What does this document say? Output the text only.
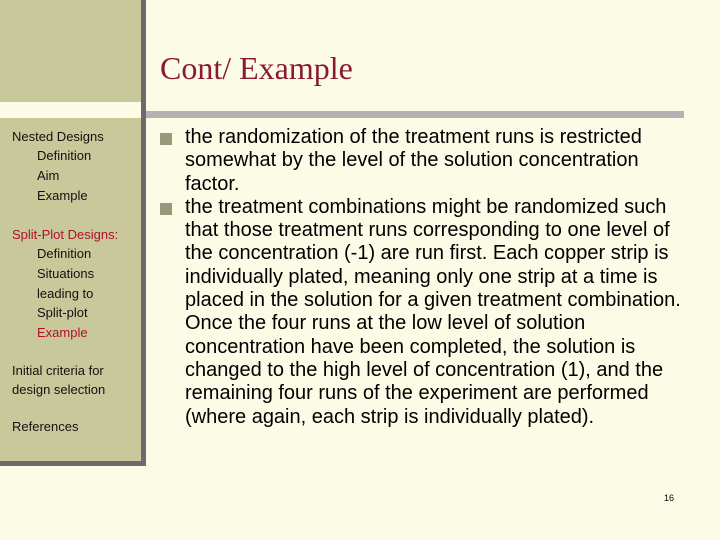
Cont/ Example
Nested Designs
Definition
Aim
Example
Split-Plot Designs:
Definition
Situations
leading to
Split-plot
Example
Initial criteria for
design selection
References
the randomization of the treatment runs is restricted somewhat by the level of the solution concentration factor.
the treatment combinations might be randomized such that those treatment runs corresponding to one level of the concentration (-1) are run first. Each copper strip is individually plated, meaning only one strip at a time is placed in the solution for a given treatment combination. Once the four runs at the low level of solution concentration have been completed, the solution is changed to the high level of concentration (1), and the remaining four runs of the experiment are performed (where again, each strip is individually plated).
16
